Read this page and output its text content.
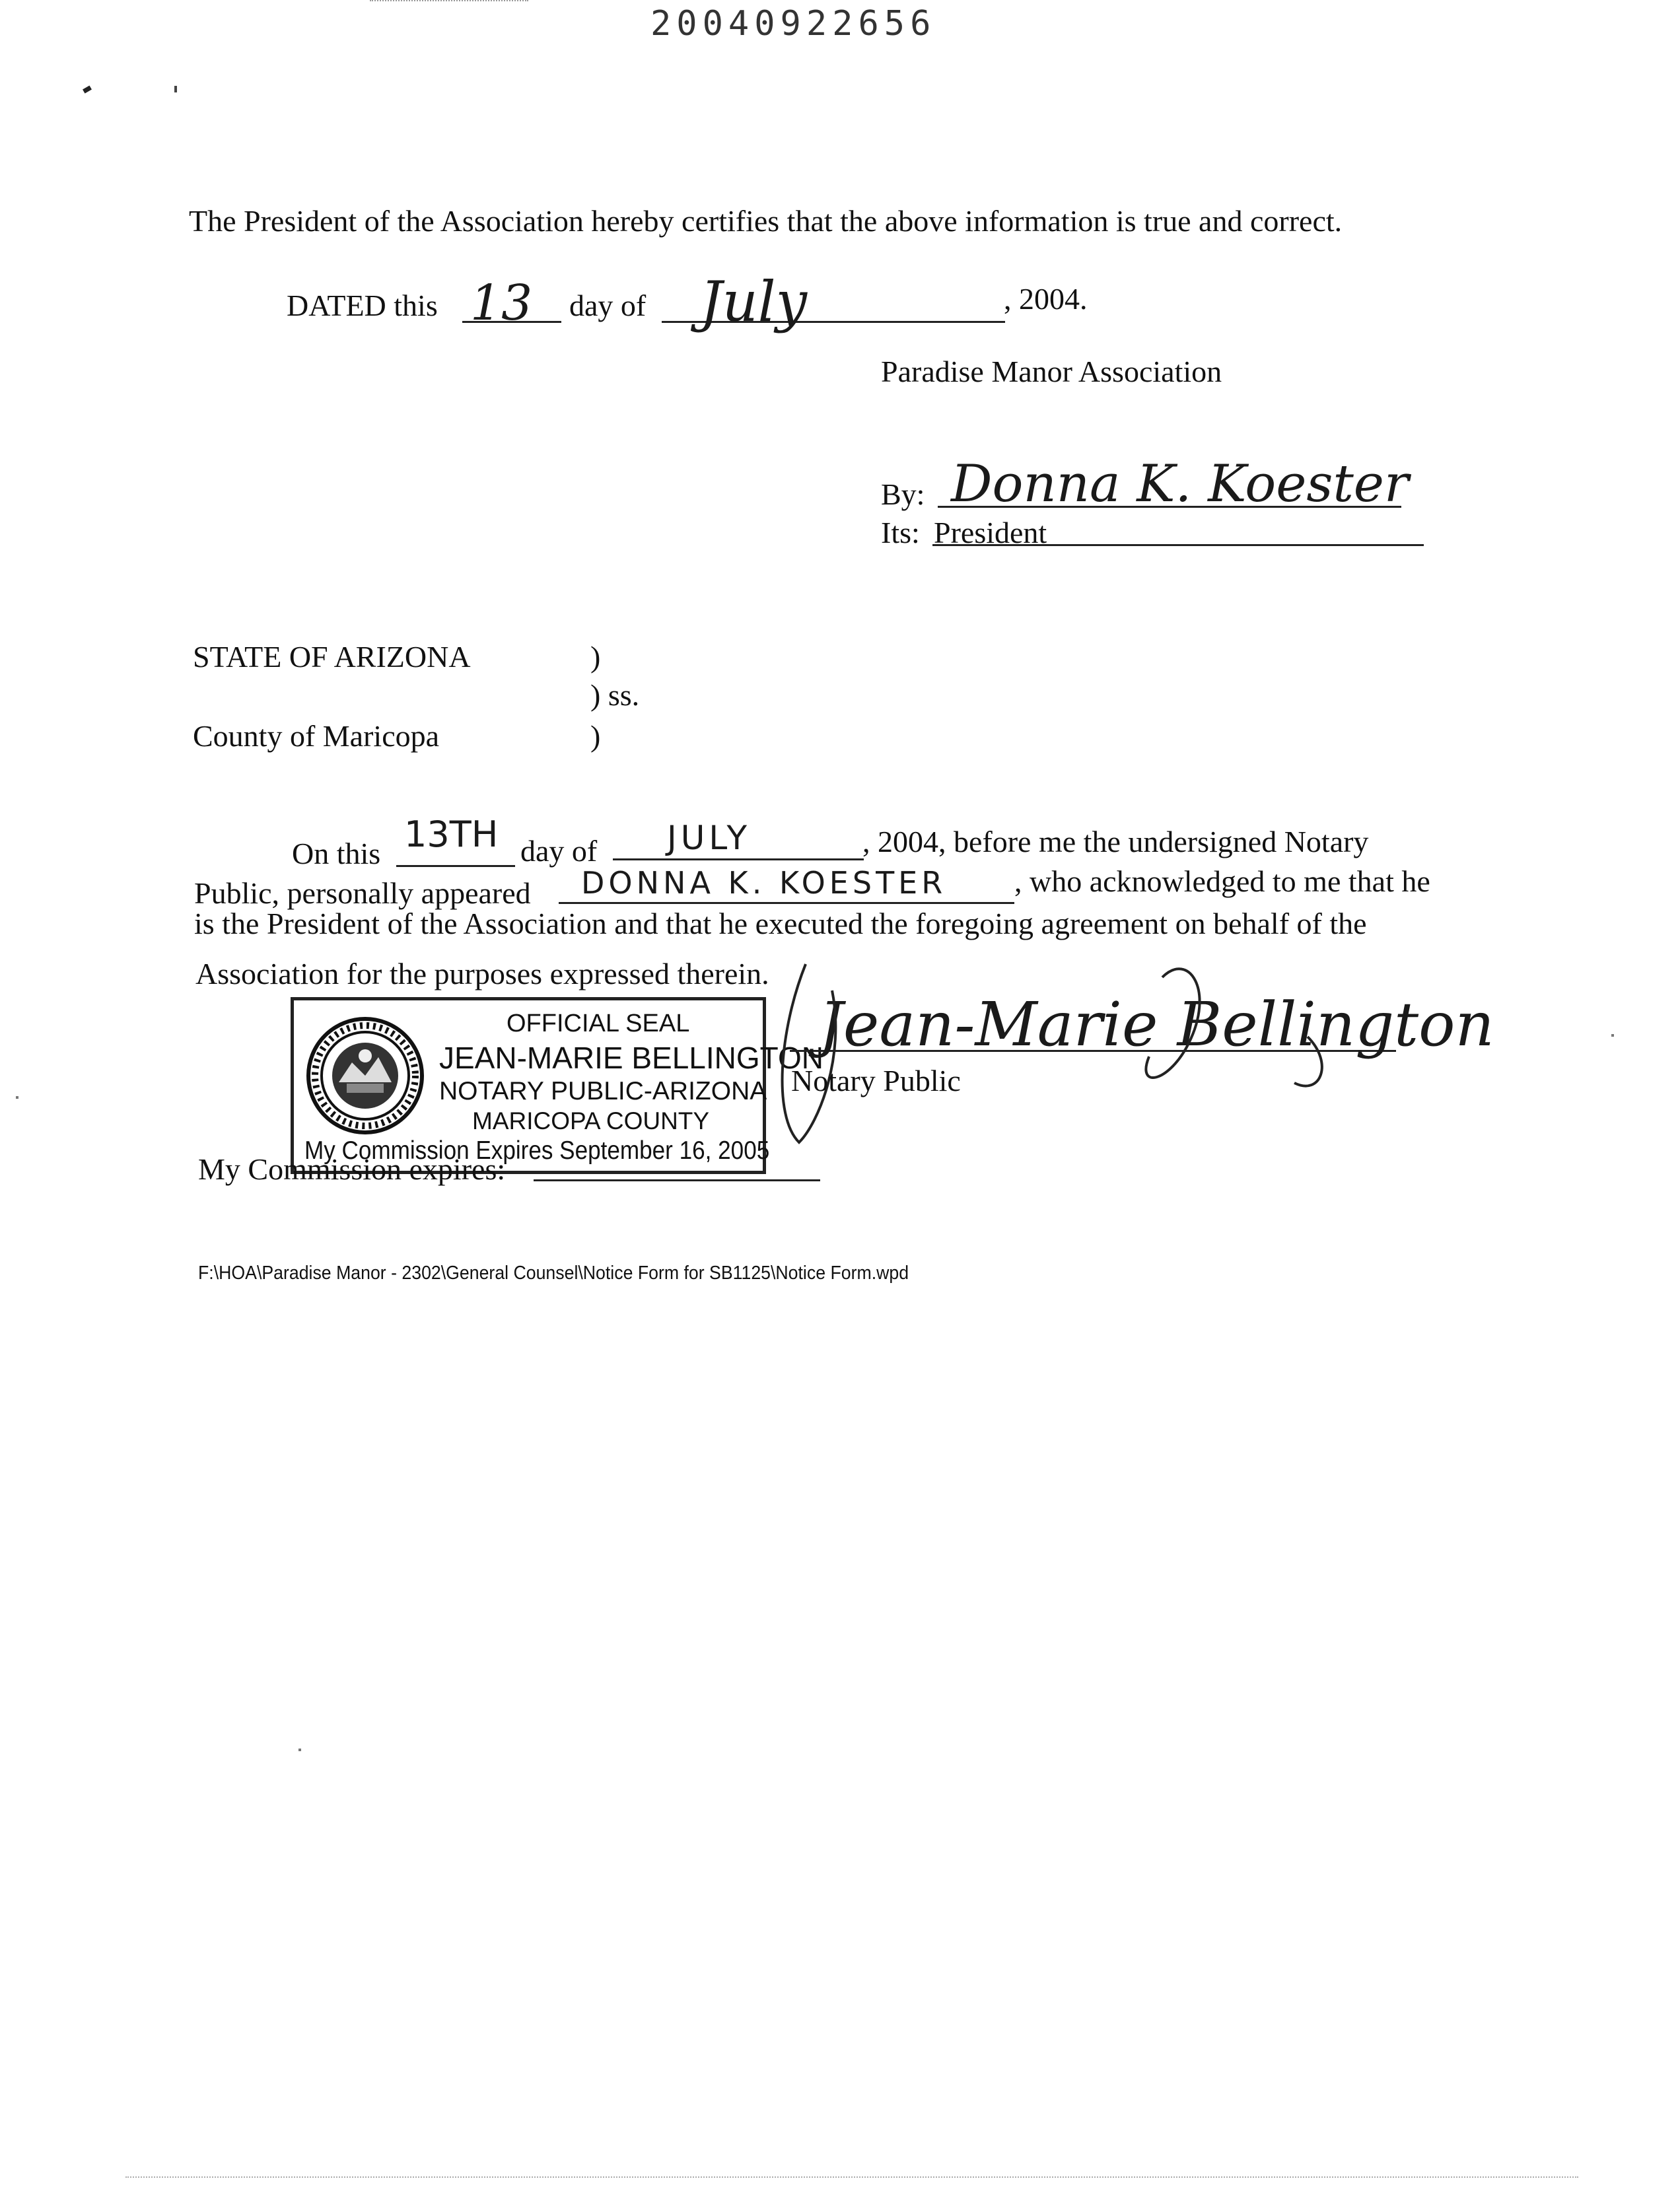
20040922656
The President of the Association hereby certifies that the above information is true and correct.
DATED this 13 day of July	, 2004.
Paradise Manor Association
By: Donna K. Koester
Its: President
STATE OF ARIZONA	)
) ss.
County of Maricopa	)
On this 13TH day of JULY	, 2004, before me the undersigned Notary
Public, personally appeared DONNA K. KOESTER , who acknowledged to me that he
is the President of the Association and that he executed the foregoing agreement on behalf of the
Association for the purposes expressed therein.
OFFICIAL SEAL
JEAN-MARIE BELLINGTON
NOTARY PUBLIC-ARIZONA
MARICOPA COUNTY
My Commission Expires September 16, 2005
Jean-Marie Bellington
Notary Public
My Commission expires:
F:\HOA\Paradise Manor - 2302\General Counsel\Notice Form for SB1125\Notice Form.wpd
